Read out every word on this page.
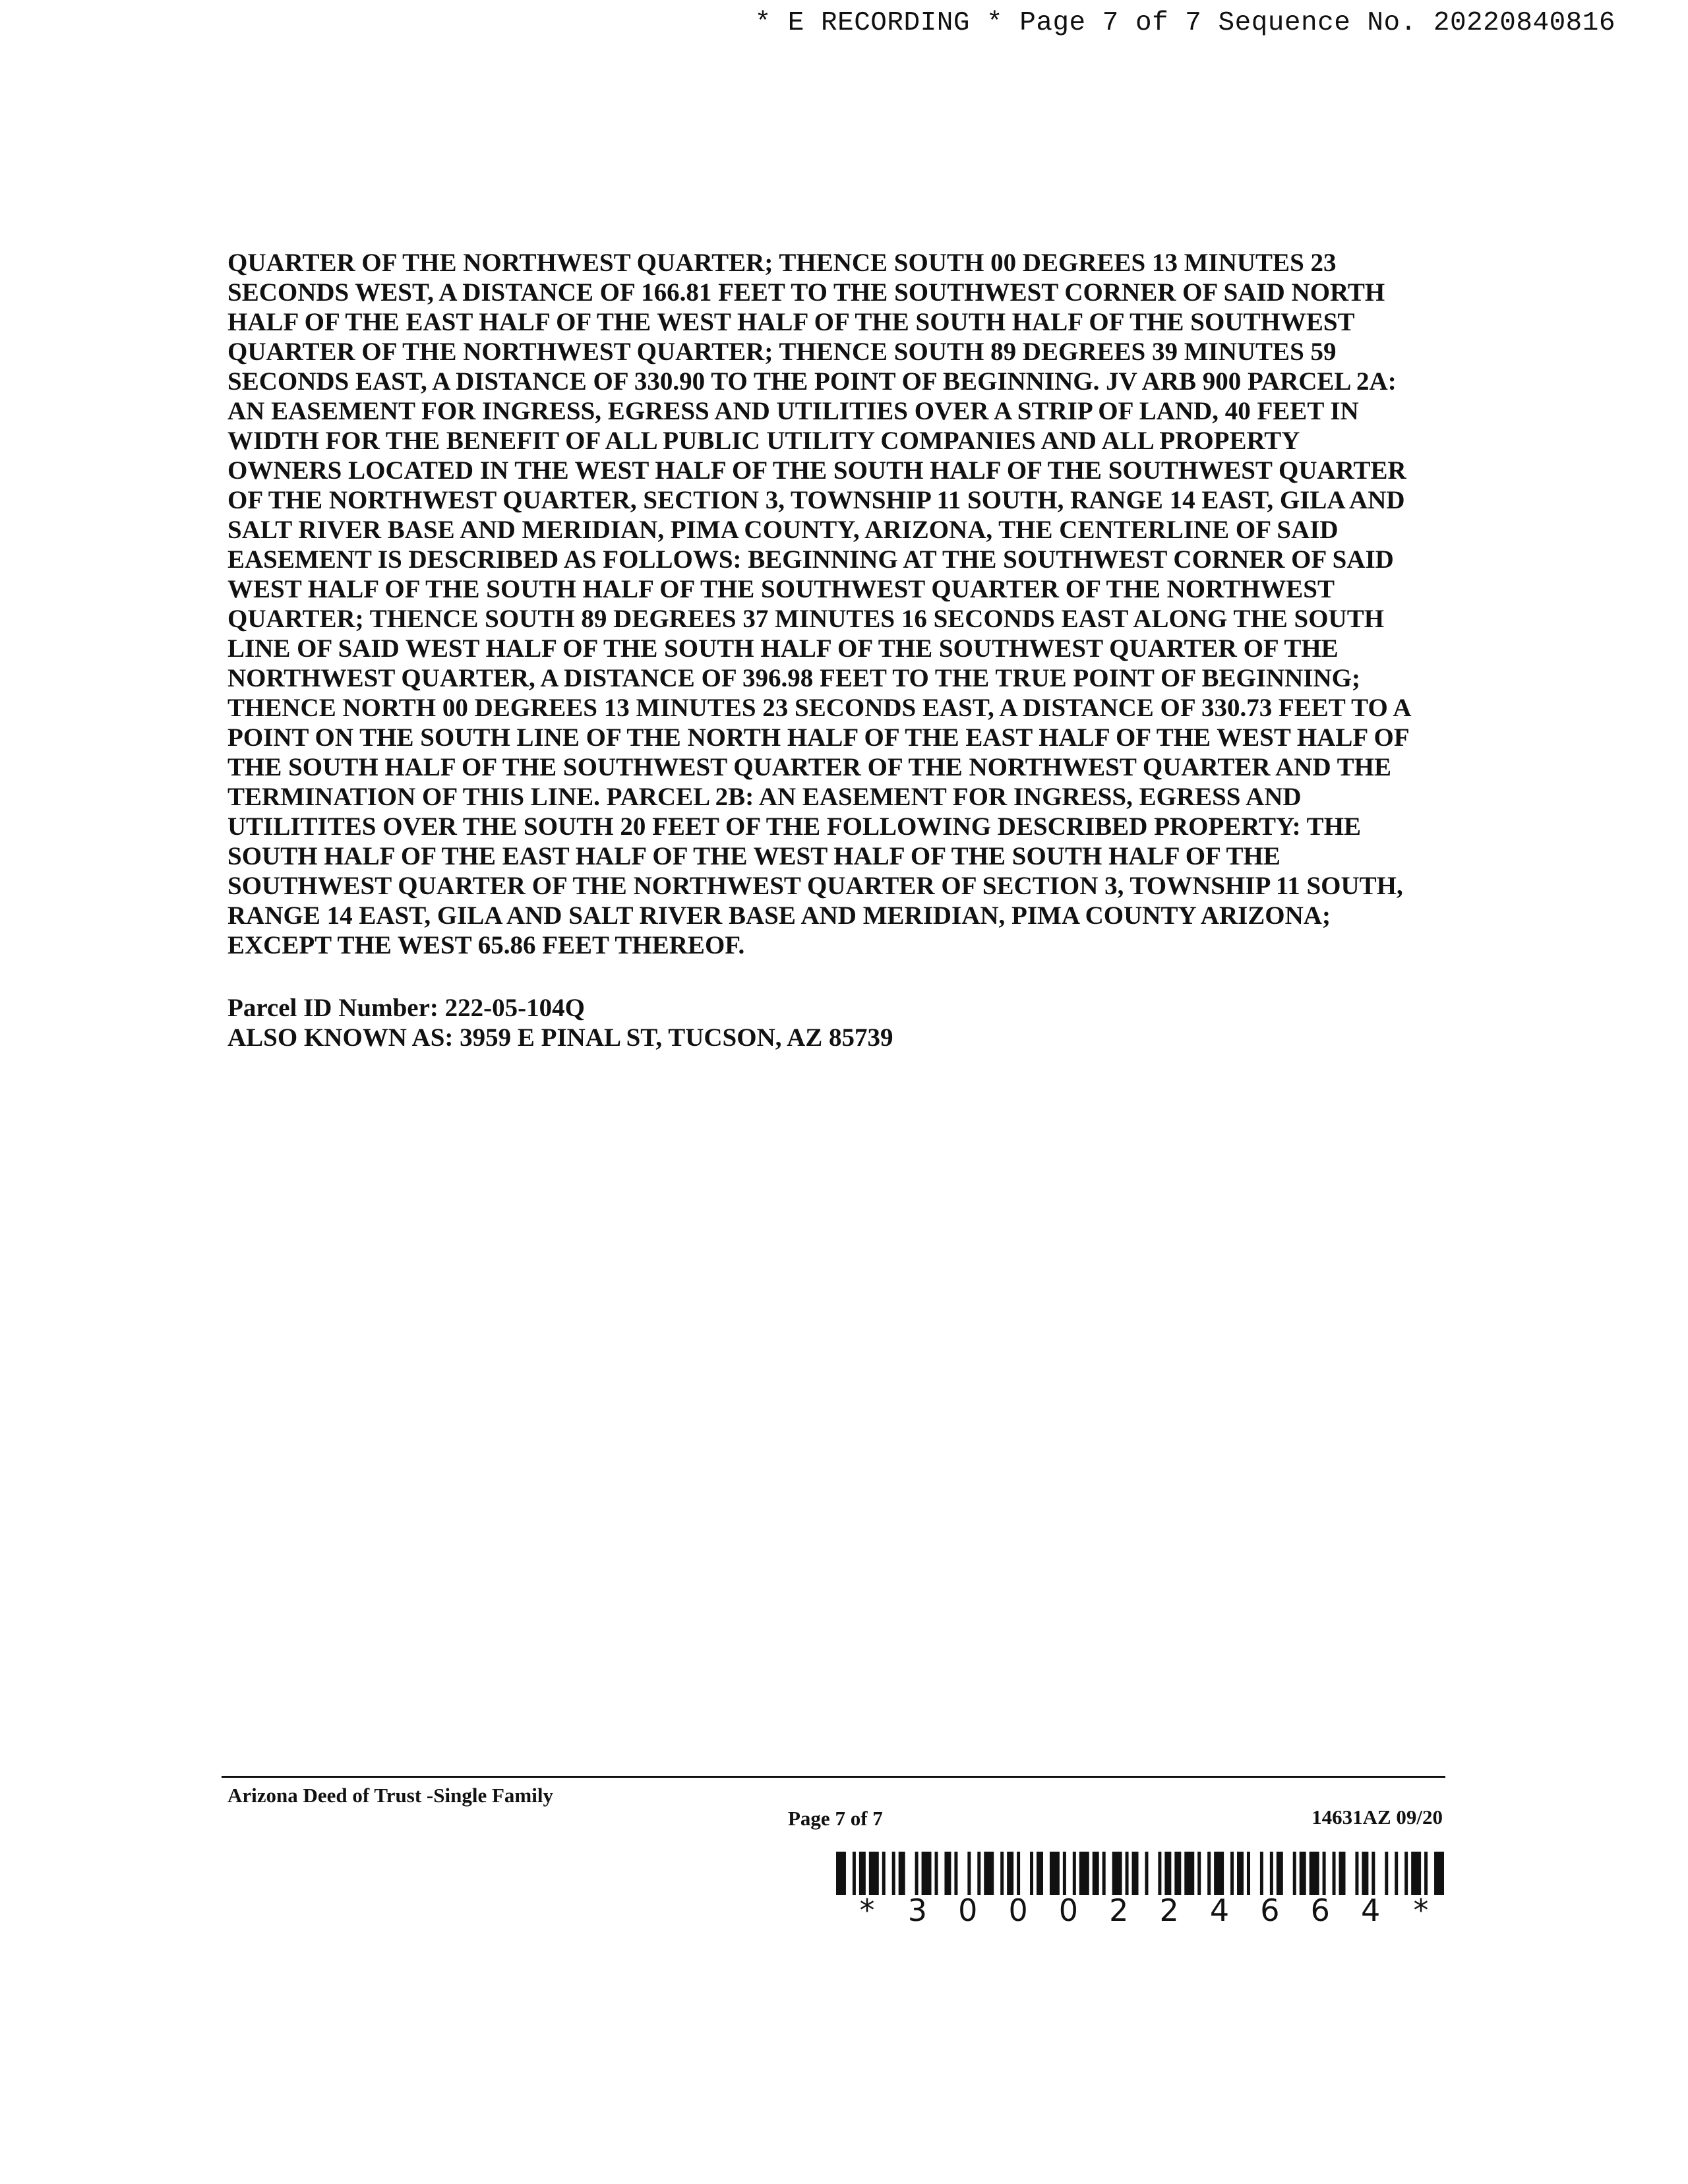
* E RECORDING * Page 7 of 7 Sequence No. 20220840816
QUARTER OF THE NORTHWEST QUARTER; THENCE SOUTH 00 DEGREES 13 MINUTES 23
SECONDS WEST, A DISTANCE OF 166.81 FEET TO THE SOUTHWEST CORNER OF SAID NORTH
HALF OF THE EAST HALF OF THE WEST HALF OF THE SOUTH HALF OF THE SOUTHWEST
QUARTER OF THE NORTHWEST QUARTER; THENCE SOUTH 89 DEGREES 39 MINUTES 59
SECONDS EAST, A DISTANCE OF 330.90 TO THE POINT OF BEGINNING. JV ARB 900 PARCEL 2A:
AN EASEMENT FOR INGRESS, EGRESS AND UTILITIES OVER A STRIP OF LAND, 40 FEET IN
WIDTH FOR THE BENEFIT OF ALL PUBLIC UTILITY COMPANIES AND ALL PROPERTY
OWNERS LOCATED IN THE WEST HALF OF THE SOUTH HALF OF THE SOUTHWEST QUARTER
OF THE NORTHWEST QUARTER, SECTION 3, TOWNSHIP 11 SOUTH, RANGE 14 EAST, GILA AND
SALT RIVER BASE AND MERIDIAN, PIMA COUNTY, ARIZONA, THE CENTERLINE OF SAID
EASEMENT IS DESCRIBED AS FOLLOWS: BEGINNING AT THE SOUTHWEST CORNER OF SAID
WEST HALF OF THE SOUTH HALF OF THE SOUTHWEST QUARTER OF THE NORTHWEST
QUARTER; THENCE SOUTH 89 DEGREES 37 MINUTES 16 SECONDS EAST ALONG THE SOUTH
LINE OF SAID WEST HALF OF THE SOUTH HALF OF THE SOUTHWEST QUARTER OF THE
NORTHWEST QUARTER, A DISTANCE OF 396.98 FEET TO THE TRUE POINT OF BEGINNING;
THENCE NORTH 00 DEGREES 13 MINUTES 23 SECONDS EAST, A DISTANCE OF 330.73 FEET TO A
POINT ON THE SOUTH LINE OF THE NORTH HALF OF THE EAST HALF OF THE WEST HALF OF
THE SOUTH HALF OF THE SOUTHWEST QUARTER OF THE NORTHWEST QUARTER AND THE
TERMINATION OF THIS LINE. PARCEL 2B: AN EASEMENT FOR INGRESS, EGRESS AND
UTILITITES OVER THE SOUTH 20 FEET OF THE FOLLOWING DESCRIBED PROPERTY: THE
SOUTH HALF OF THE EAST HALF OF THE WEST HALF OF THE SOUTH HALF OF THE
SOUTHWEST QUARTER OF THE NORTHWEST QUARTER OF SECTION 3, TOWNSHIP 11 SOUTH,
RANGE 14 EAST, GILA AND SALT RIVER BASE AND MERIDIAN, PIMA COUNTY ARIZONA;
EXCEPT THE WEST 65.86 FEET THEREOF.
Parcel ID Number: 222-05-104Q
ALSO KNOWN AS: 3959 E PINAL ST, TUCSON, AZ 85739
Arizona Deed of Trust -Single Family
Page 7 of 7	14631AZ 09/20
*	3	0	0	0	2	2	4	6	6	4	*
